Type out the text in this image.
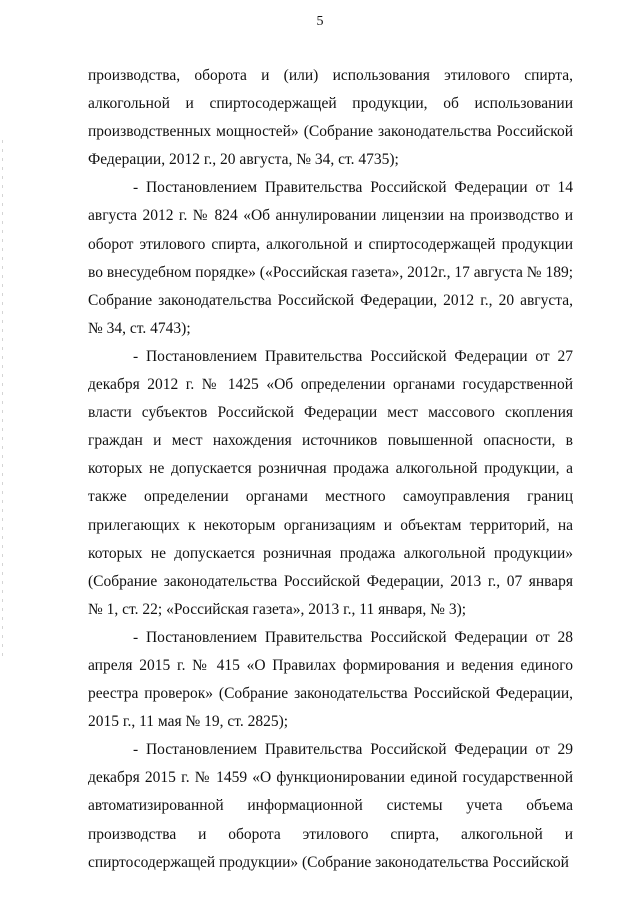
5

производства, оборота и (или) использования этилового спирта, алкогольной и спиртосодержащей продукции, об использовании производственных мощностей» (Собрание законодательства Российской Федерации, 2012 г., 20 августа, № 34, ст. 4735);

- Постановлением Правительства Российской Федерации от 14 августа 2012 г. № 824 «Об аннулировании лицензии на производство и оборот этилового спирта, алкогольной и спиртосодержащей продукции во внесудебном порядке» («Российская газета», 2012г., 17 августа № 189; Собрание законодательства Российской Федерации, 2012 г., 20 августа, № 34, ст. 4743);

- Постановлением Правительства Российской Федерации от 27 декабря 2012 г. № 1425 «Об определении органами государственной власти субъектов Российской Федерации мест массового скопления граждан и мест нахождения источников повышенной опасности, в которых не допускается розничная продажа алкогольной продукции, а также определении органами местного самоуправления границ прилегающих к некоторым организациям и объектам территорий, на которых не допускается розничная продажа алкогольной продукции» (Собрание законодательства Российской Федерации, 2013 г., 07 января № 1, ст. 22; «Российская газета», 2013 г., 11 января, № 3);

- Постановлением Правительства Российской Федерации от 28 апреля 2015 г. № 415 «О Правилах формирования и ведения единого реестра проверок» (Собрание законодательства Российской Федерации, 2015 г., 11 мая № 19, ст. 2825);

- Постановлением Правительства Российской Федерации от 29 декабря 2015 г. № 1459 «О функционировании единой государственной автоматизированной информационной системы учета объема производства и оборота этилового спирта, алкогольной и спиртосодержащей продукции» (Собрание законодательства Российской
